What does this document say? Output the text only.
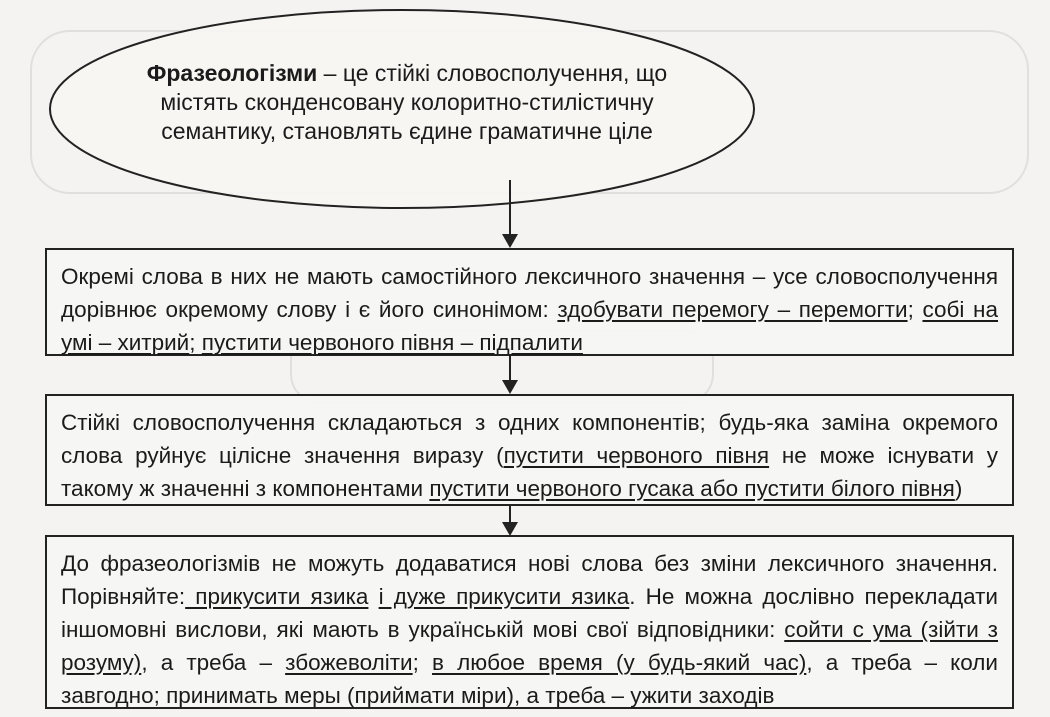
Фразеологізми – це стійкі словосполучення, що містять сконденсовану колоритно-стилістичну семантику, становлять єдине граматичне ціле
Окремі слова в них не мають самостійного лексичного значення – усе словосполучення дорівнює окремому слову і є його синонімом: здобувати перемогу – перемогти; собі на умі – хитрий; пустити червоного півня – підпалити
Стійкі словосполучення складаються з одних компонентів; будь-яка заміна окремого слова руйнує цілісне значення виразу (пустити червоного півня не може існувати у такому ж значенні з компонентами пустити червоного гусака або пустити білого півня)
До фразеологізмів не можуть додаватися нові слова без зміни лексичного значення. Порівняйте: прикусити язика і дуже прикусити язика. Не можна дослівно перекладати іншомовні вислови, які мають в українській мові свої відповідники: сойти с ума (зійти з розуму), а треба – збожеволіти; в любое время (у будь-який час), а треба – коли завгодно; принимать меры (приймати міри), а треба – ужити заходів
